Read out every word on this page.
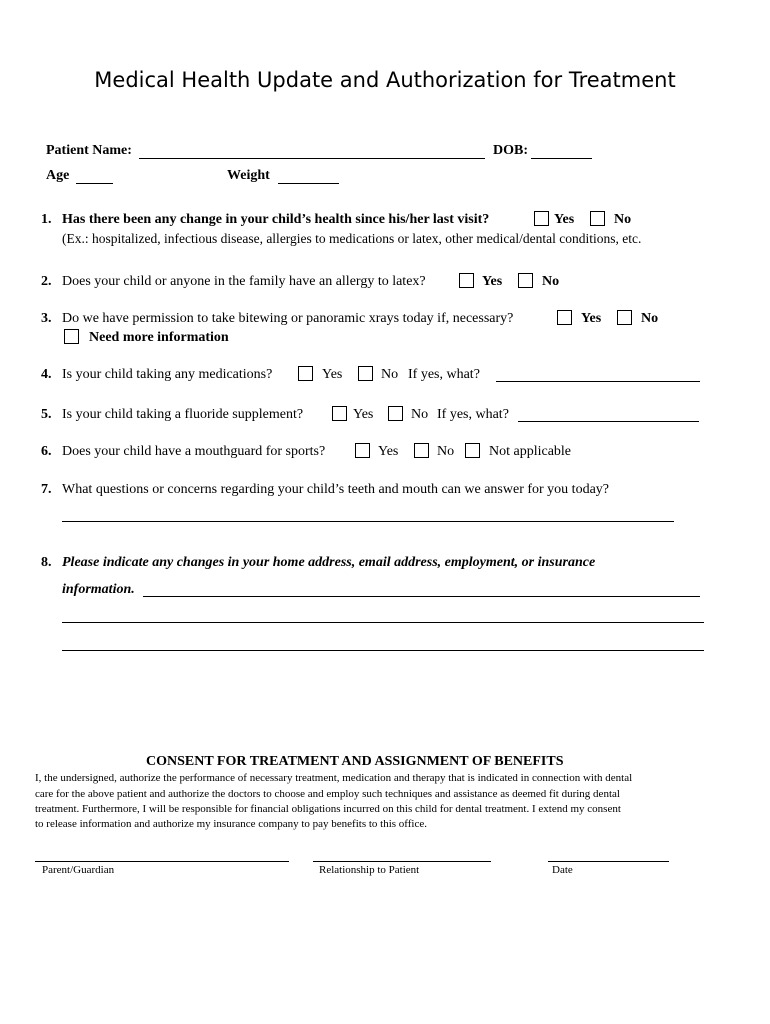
Medical Health Update and Authorization for Treatment
Patient Name:	DOB:
Age	Weight
1. Has there been any change in your child’s health since his/her last visit?	Yes	No
(Ex.: hospitalized, infectious disease, allergies to medications or latex, other medical/dental conditions, etc.
2. Does your child or anyone in the family have an allergy to latex?	Yes	No
3. Do we have permission to take bitewing or panoramic xrays today if, necessary?	Yes	No
Need more information
4. Is your child taking any medications?	Yes	No If yes, what?
5. Is your child taking a fluoride supplement?	Yes	No If yes, what?
6. Does your child have a mouthguard for sports?	Yes	No Not applicable
7. What questions or concerns regarding your child’s teeth and mouth can we answer for you today?
8. Please indicate any changes in your home address, email address, employment, or insurance
information.
CONSENT FOR TREATMENT AND ASSIGNMENT OF BENEFITS
I, the undersigned, authorize the performance of necessary treatment, medication and therapy that is indicated in connection with dental
care for the above patient and authorize the doctors to choose and employ such techniques and assistance as deemed fit during dental
treatment. Furthermore, I will be responsible for financial obligations incurred on this child for dental treatment. I extend my consent
to release information and authorize my insurance company to pay benefits to this office.
Parent/Guardian	Relationship to Patient	Date
